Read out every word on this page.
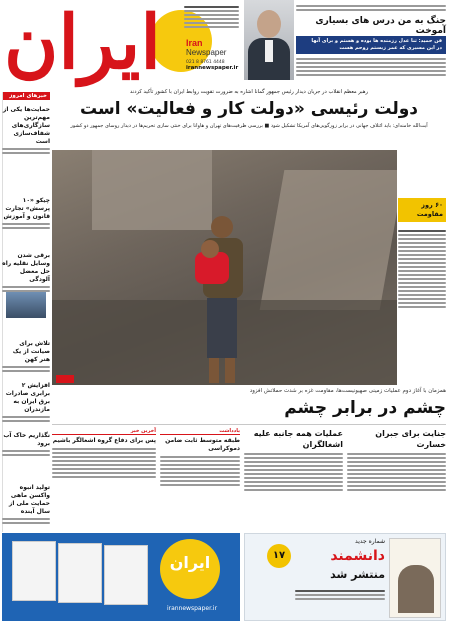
ایران	Iran
Newspaper
021 8 8761 4448
irannewspaper.ir
جنگ به من درس های بسیاری آموخت
فن حمید: ثنا عدل رزمنده ها بوده و هستم و برای آنها
در این مسیری که عمر زیستم روحم هست
رهبر معظم انقلاب در جریان دیدار رئیس جمهور گمانا اشاره به ضرورت تقویت روابط ایران با کشور تأکید کردند
دولت رئیسی «دولت کار و فعالیت» است
آیت‌الله خامنه‌ای: باید ائتلاف جهانی در برابر زورگویی‌های آمریکا تشکیل شود ■ بررسی ظرفیت‌های تهران و هاوانا برای خنثی سازی تحریم‌ها در دیدار روسای جمهور دو کشور
خبرهای امروز
حمایت‌ها یکی از مهم‌ترین سازگاری‌های شفاف‌سازی است
چیکو «۱۰ پرسش» تجارت قانون و آموزش
برقی شدن وسایل نقلیه راه حل معضل آلودگی
تلاش برای صیانت از یک هنر کهن
افزایش ۲ برابری صادرات برق ایران به مازندران
نگذاریم خاک آب برود
تولید انبوه واکسن ماهی حمایت ملی از سال آینده
۶۰ روز مقاومت
همزمان با آغاز دوم عملیات زمینی صهیونیست‌ها، مقاومت غزه بر شدت حملاتش افزود
چشم در برابر چشم
جنایت برای جبران خسارت
عملیات همه جانبه علیه اشغالگران
یادداشت
طبقه متوسط ثابت ضامن دموکراسی
آخرین خبر
پس برای دفاع گروه اشغالگر باشیم
ایران
irannewspaper.ir
۱۷
شماره جدید
دانشمند
منتشر شد
